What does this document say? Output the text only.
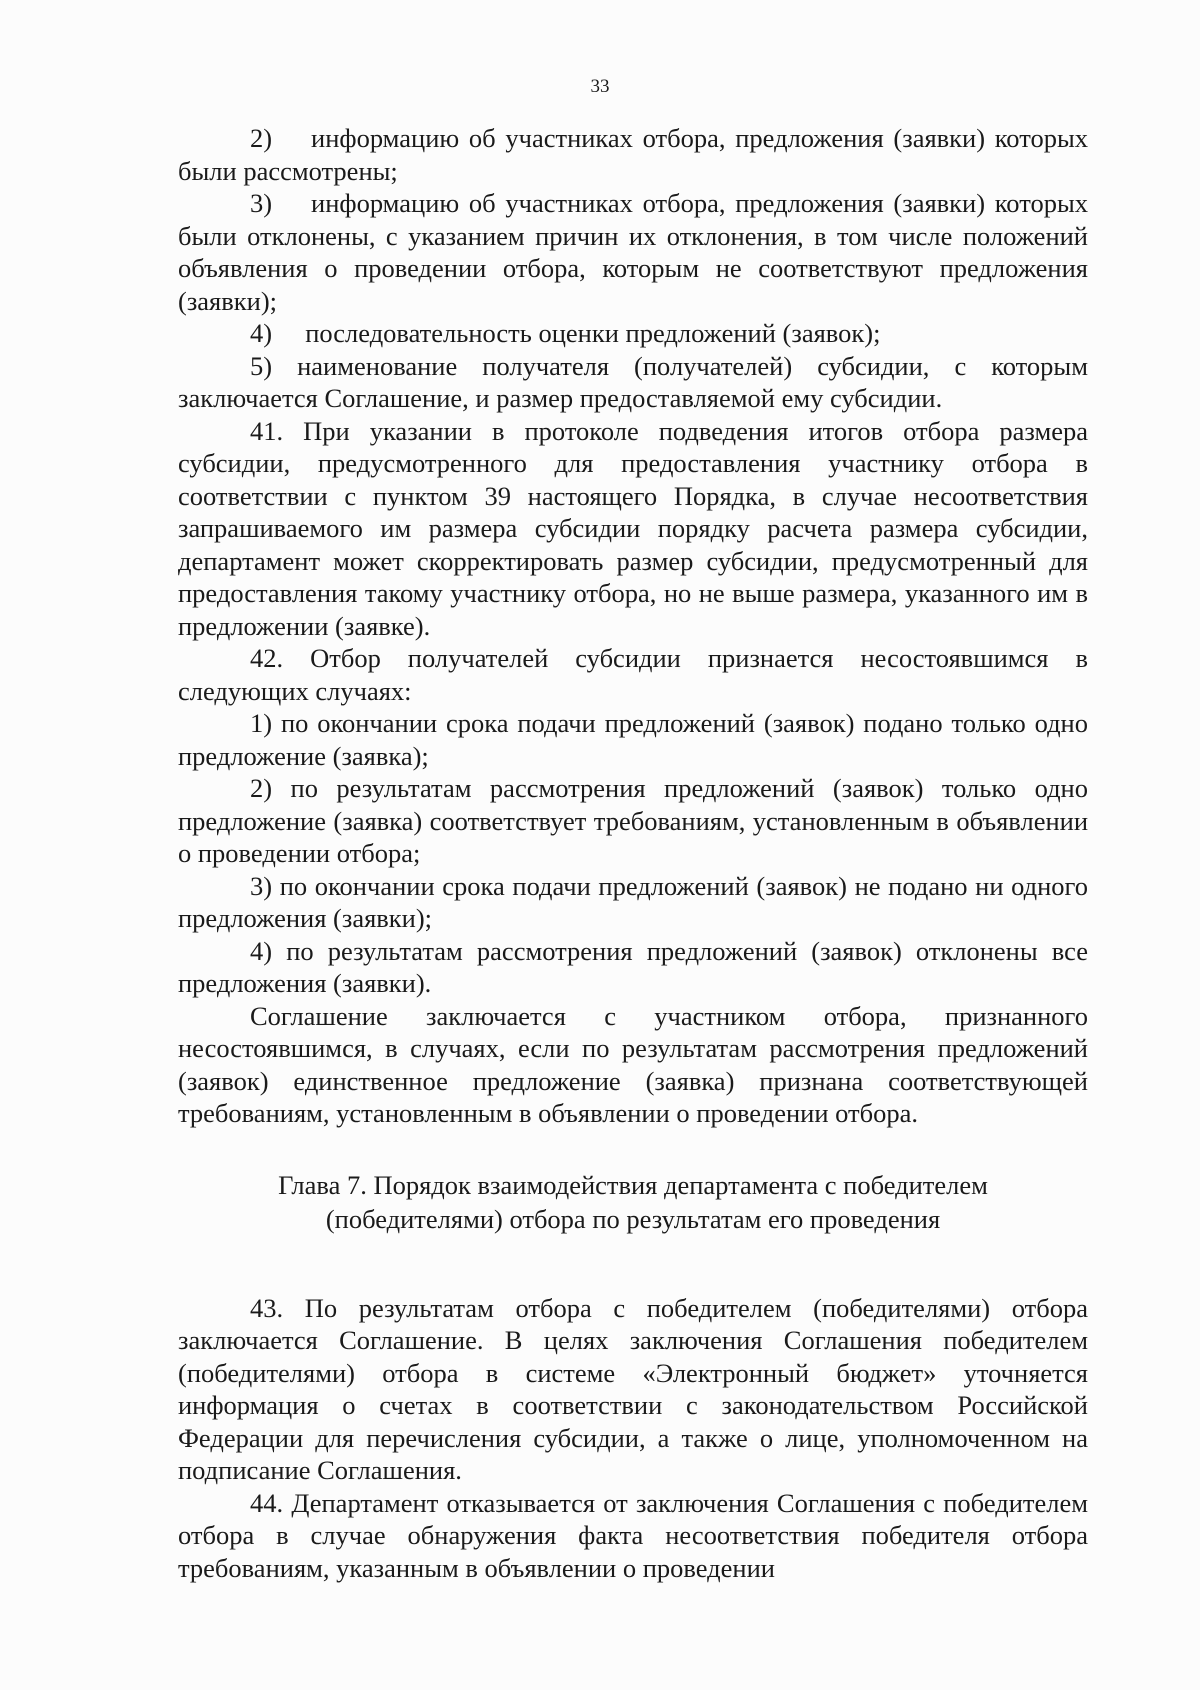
33

2)    информацию об участниках отбора, предложения (заявки) которых были рассмотрены;

3)    информацию об участниках отбора, предложения (заявки) которых были отклонены, с указанием причин их отклонения, в том числе положений объявления о проведении отбора, которым не соответствуют предложения (заявки);

4)     последовательность оценки предложений (заявок);

5) наименование получателя (получателей) субсидии, с которым заключается Соглашение, и размер предоставляемой ему субсидии.

41. При указании в протоколе подведения итогов отбора размера субсидии, предусмотренного для предоставления участнику отбора в соответствии с пунктом 39 настоящего Порядка, в случае несоответствия запрашиваемого им размера субсидии порядку расчета размера субсидии, департамент может скорректировать размер субсидии, предусмотренный для предоставления такому участнику отбора, но не выше размера, указанного им в предложении (заявке).

42. Отбор получателей субсидии признается несостоявшимся в следующих случаях:

1) по окончании срока подачи предложений (заявок) подано только одно предложение (заявка);

2) по результатам рассмотрения предложений (заявок) только одно предложение (заявка) соответствует требованиям, установленным в объявлении о проведении отбора;

3) по окончании срока подачи предложений (заявок) не подано ни одного предложения (заявки);

4) по результатам рассмотрения предложений (заявок) отклонены все предложения (заявки).

Соглашение заключается с участником отбора, признанного несостоявшимся, в случаях, если по результатам рассмотрения предложений (заявок) единственное предложение (заявка) признана соответствующей требованиям, установленным в объявлении о проведении отбора.

Глава 7. Порядок взаимодействия департамента с победителем
(победителями) отбора по результатам его проведения

43. По результатам отбора с победителем (победителями) отбора заключается Соглашение. В целях заключения Соглашения победителем (победителями) отбора в системе «Электронный бюджет» уточняется информация о счетах в соответствии с законодательством Российской Федерации для перечисления субсидии, а также о лице, уполномоченном на подписание Соглашения.

44. Департамент отказывается от заключения Соглашения с победителем отбора в случае обнаружения факта несоответствия победителя отбора требованиям, указанным в объявлении о проведении
